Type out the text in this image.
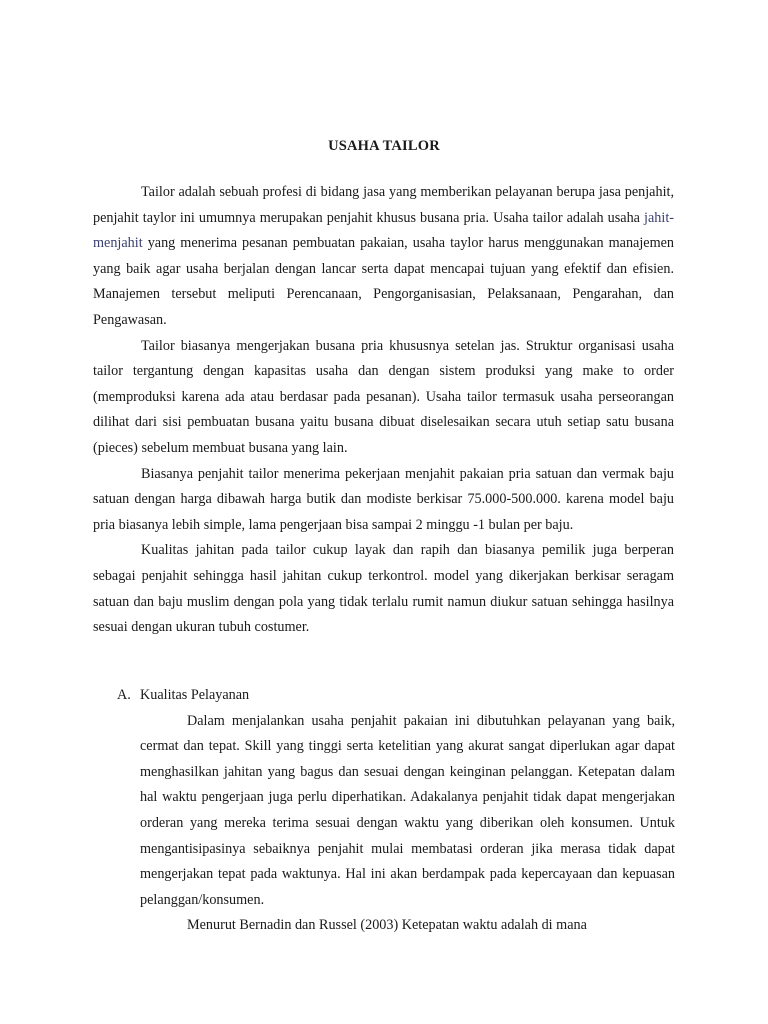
USAHA TAILOR

Tailor adalah sebuah profesi di bidang jasa yang memberikan pelayanan berupa jasa penjahit, penjahit taylor ini umumnya merupakan penjahit khusus busana pria. Usaha tailor adalah usaha jahit-menjahit yang menerima pesanan pembuatan pakaian, usaha taylor harus menggunakan manajemen yang baik agar usaha berjalan dengan lancar serta dapat mencapai tujuan yang efektif dan efisien. Manajemen tersebut meliputi Perencanaan, Pengorganisasian, Pelaksanaan, Pengarahan, dan Pengawasan.

Tailor biasanya mengerjakan busana pria khususnya setelan jas. Struktur organisasi usaha tailor tergantung dengan kapasitas usaha dan dengan sistem produksi yang make to order (memproduksi karena ada atau berdasar pada pesanan). Usaha tailor termasuk usaha perseorangan dilihat dari sisi pembuatan busana yaitu busana dibuat diselesaikan secara utuh setiap satu busana (pieces) sebelum membuat busana yang lain.

Biasanya penjahit tailor menerima pekerjaan menjahit pakaian pria satuan dan vermak baju satuan dengan harga dibawah harga butik dan modiste berkisar 75.000-500.000. karena model baju pria biasanya lebih simple, lama pengerjaan bisa sampai 2 minggu -1 bulan per baju.

Kualitas jahitan pada tailor cukup layak dan rapih dan biasanya pemilik juga berperan sebagai penjahit sehingga hasil jahitan cukup terkontrol. model yang dikerjakan berkisar seragam satuan dan baju muslim dengan pola yang tidak terlalu rumit namun diukur satuan sehingga hasilnya sesuai dengan ukuran tubuh costumer.

A. Kualitas Pelayanan

Dalam menjalankan usaha penjahit pakaian ini dibutuhkan pelayanan yang baik, cermat dan tepat. Skill yang tinggi serta ketelitian yang akurat sangat diperlukan agar dapat menghasilkan jahitan yang bagus dan sesuai dengan keinginan pelanggan. Ketepatan dalam hal waktu pengerjaan juga perlu diperhatikan. Adakalanya penjahit tidak dapat mengerjakan orderan yang mereka terima sesuai dengan waktu yang diberikan oleh konsumen. Untuk mengantisipasinya sebaiknya penjahit mulai membatasi orderan jika merasa tidak dapat mengerjakan tepat pada waktunya. Hal ini akan berdampak pada kepercayaan dan kepuasan pelanggan/konsumen.

Menurut Bernadin dan Russel (2003) Ketepatan waktu adalah di mana
